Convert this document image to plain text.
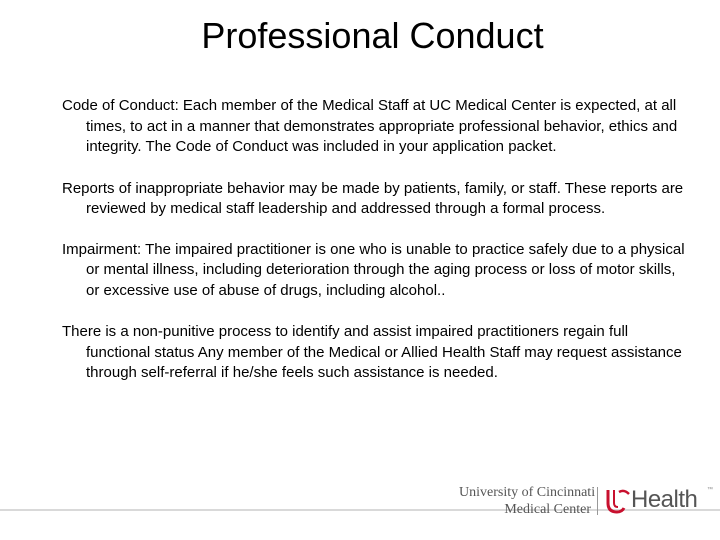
Professional Conduct

Code of Conduct: Each member of the Medical Staff at UC Medical Center is expected, at all times, to act in a manner that demonstrates appropriate professional behavior, ethics and integrity. The Code of Conduct was included in your application packet.

Reports of inappropriate behavior may be made by patients, family, or staff. These reports are reviewed by medical staff leadership and addressed through a formal process.

Impairment: The impaired practitioner is one who is unable to practice safely due to a physical or mental illness, including deterioration through the aging process or loss of motor skills, or excessive use of abuse of drugs, including alcohol..

There is a non-punitive process to identify and assist impaired practitioners regain full functional status Any member of the Medical or Allied Health Staff may request assistance through self-referral if he/she feels such assistance is needed.

University of Cincinnati
Medical Center Health ™
